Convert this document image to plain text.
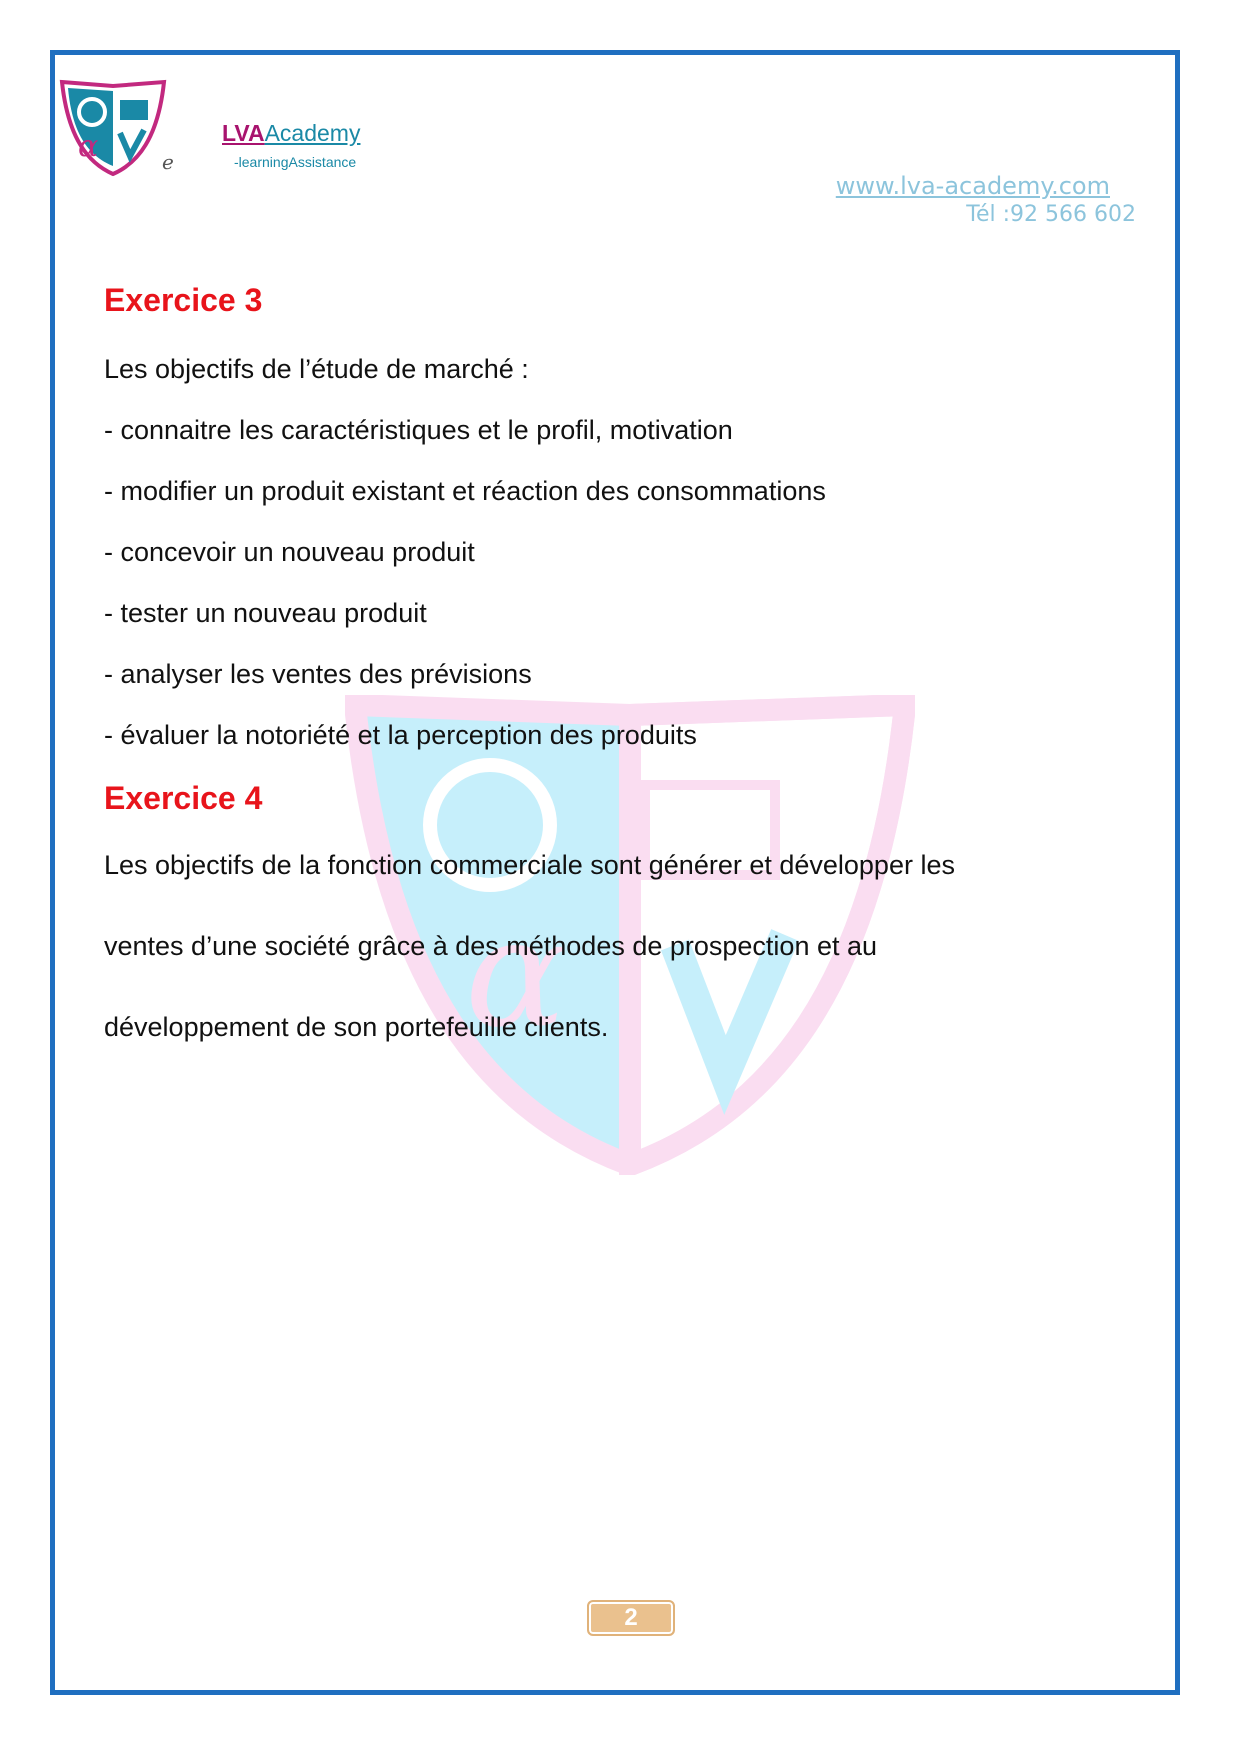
α
α	e
LVAAcademy
-learningAssistance
www.lva-academy.com
Tél :92 566 602
Exercice 3
Les objectifs de l’étude de marché :
- connaitre les caractéristiques et le profil, motivation
- modifier un produit existant et réaction des consommations
- concevoir un nouveau produit
- tester un nouveau produit
- analyser les ventes des prévisions
- évaluer la notoriété et la perception des produits
Exercice 4
Les objectifs de la fonction commerciale sont générer et développer les
ventes d’une société grâce à des méthodes de prospection et au
développement de son portefeuille clients.
2
